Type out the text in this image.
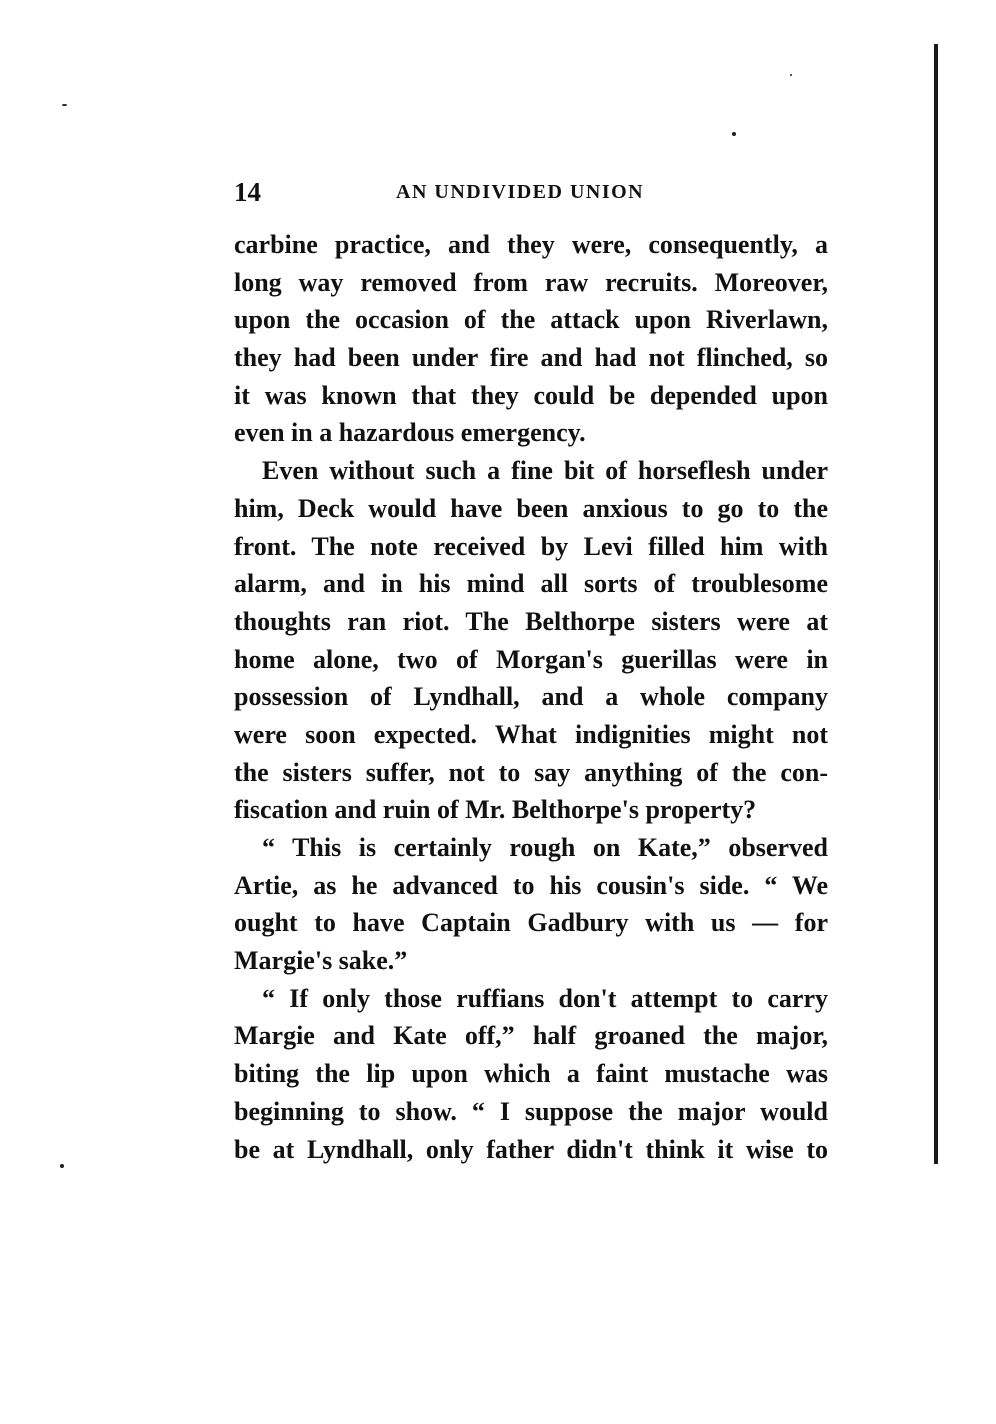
14	AN UNDIVIDED UNION
carbine practice, and they were, consequently, a
long way removed from raw recruits. Moreover,
upon the occasion of the attack upon Riverlawn,
they had been under fire and had not flinched, so
it was known that they could be depended upon
even in a hazardous emergency.
Even without such a fine bit of horseflesh under
him, Deck would have been anxious to go to the
front. The note received by Levi filled him with
alarm, and in his mind all sorts of troublesome
thoughts ran riot. The Belthorpe sisters were at
home alone, two of Morgan's guerillas were in
possession of Lyndhall, and a whole company
were soon expected. What indignities might not
the sisters suffer, not to say anything of the con-
fiscation and ruin of Mr. Belthorpe's property?
“ This is certainly rough on Kate,” observed
Artie, as he advanced to his cousin's side. “ We
ought to have Captain Gadbury with us — for
Margie's sake.”
“ If only those ruffians don't attempt to carry
Margie and Kate off,” half groaned the major,
biting the lip upon which a faint mustache was
beginning to show. “ I suppose the major would
be at Lyndhall, only father didn't think it wise to
